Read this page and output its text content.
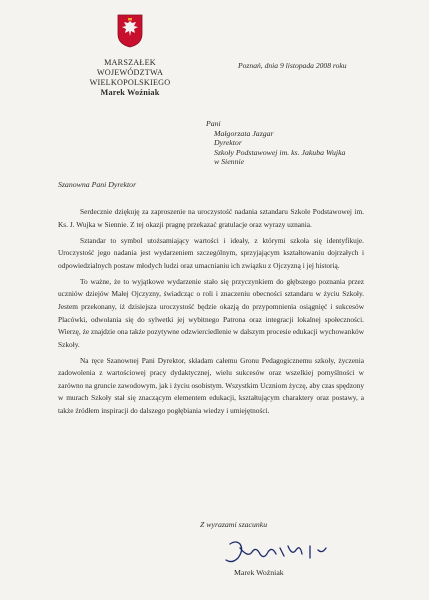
MARSZAŁEK
WOJEWÓDZTWA WIELKOPOLSKIEGO
Marek Woźniak
Poznań, dnia 9 listopada 2008 roku
Pani
Małgorzata Jazgar
Dyrektor
Szkoły Podstawowej im. ks. Jakuba Wujka
w Siennie
Szanowna Pani Dyrektor

Serdecznie dziękuję za zaproszenie na uroczystość nadania sztandaru Szkole Podstawowej im. Ks. J. Wujka w Siennie. Z tej okazji pragnę przekazać gratulacje oraz wyrazy uznania.

Sztandar to symbol utożsamiający wartości i ideały, z którymi szkoła się identyfikuje. Uroczystość jego nadania jest wydarzeniem szczególnym, sprzyjającym kształtowaniu dojrzałych i odpowiedzialnych postaw młodych ludzi oraz umacnianiu ich związku z Ojczyzną i jej historią.

To ważne, że to wyjątkowe wydarzenie stało się przyczynkiem do głębszego poznania przez uczniów dziejów Małej Ojczyzny, świadcząc o roli i znaczeniu obecności sztandaru w życiu Szkoły. Jestem przekonany, iż dzisiejsza uroczystość będzie okazją do przypomnienia osiągnięć i sukcesów Placówki, odwołania się do sylwetki jej wybitnego Patrona oraz integracji lokalnej społeczności. Wierzę, że znajdzie ona także pozytywne odzwierciedlenie w dalszym procesie edukacji wychowanków Szkoły.

Na ręce Szanownej Pani Dyrektor, składam całemu Gronu Pedagogicznemu szkoły, życzenia zadowolenia z wartościowej pracy dydaktycznej, wielu sukcesów oraz wszelkiej pomyślności w zarówno na gruncie zawodowym, jak i życiu osobistym. Wszystkim Uczniom życzę, aby czas spędzony w murach Szkoły stał się znaczącym elementem edukacji, kształtującym charaktery oraz postawy, a także źródłem inspiracji do dalszego pogłębiania wiedzy i umiejętności.

Z wyrazami szacunku
Marek Woźniak
